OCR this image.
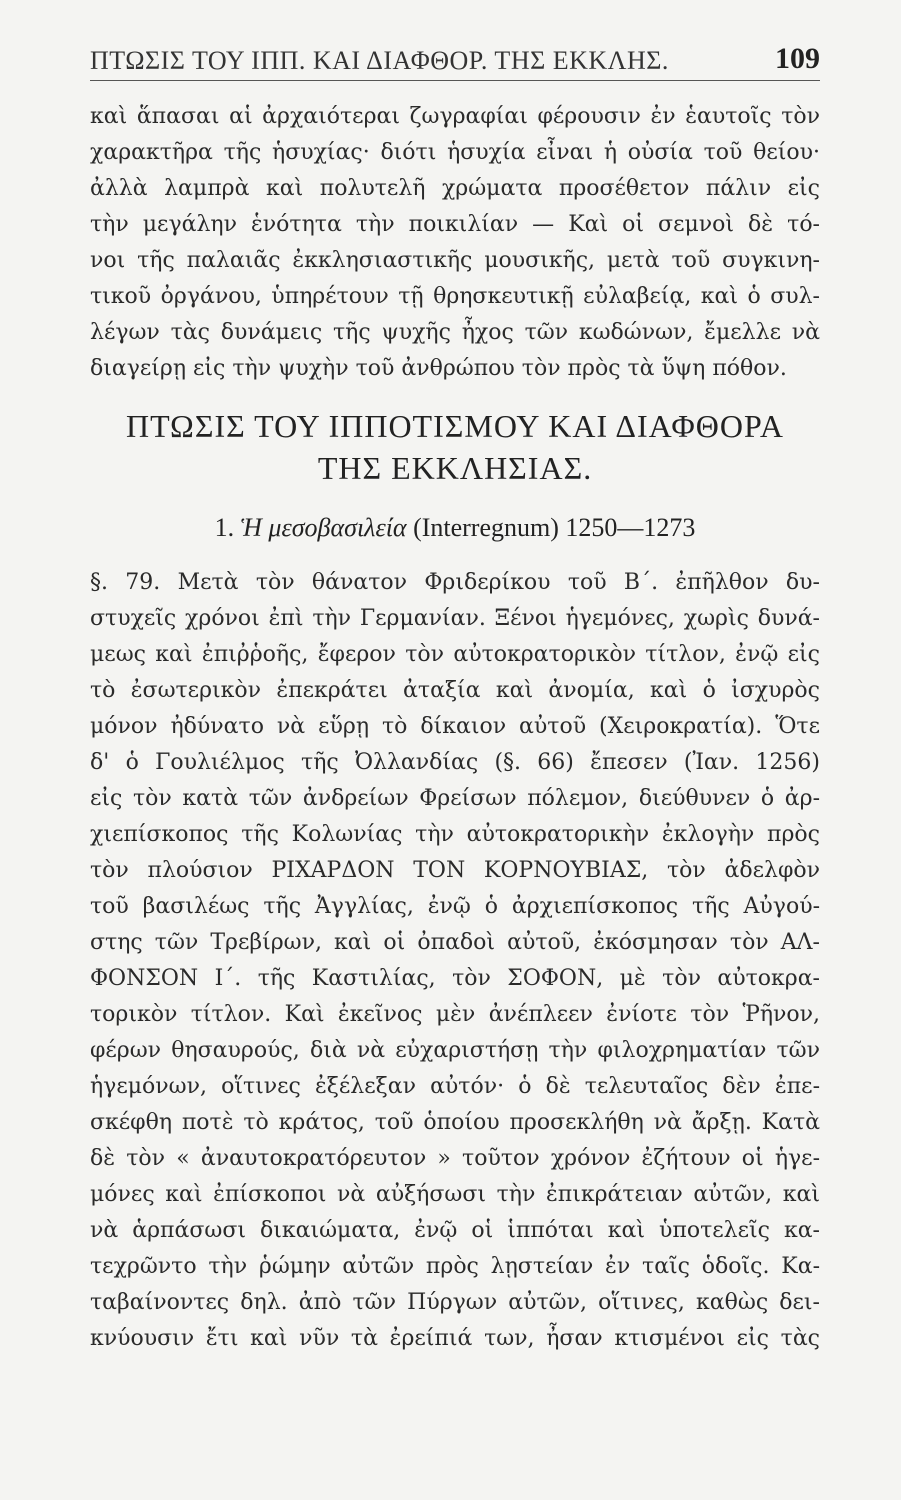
ΠΤΩΣΙΣ ΤΟΥ ΙΠΠ. ΚΑΙ ΔΙΑΦΘΟΡ. ΤΗΣ ΕΚΚΛΗΣ.	109
καὶ ἅπασαι αἱ ἀρχαιότεραι ζωγραφίαι φέρουσιν ἐν ἑαυτοῖς τὸν
χαρακτῆρα τῆς ἡσυχίας· διότι ἡσυχία εἶναι ἡ οὐσία τοῦ θείου·
ἀλλὰ λαμπρὰ καὶ πολυτελῆ χρώματα προσέθετον πάλιν εἰς
τὴν μεγάλην ἑνότητα τὴν ποικιλίαν — Καὶ οἱ σεμνοὶ δὲ τό-
νοι τῆς παλαιᾶς ἐκκλησιαστικῆς μουσικῆς, μετὰ τοῦ συγκινη-
τικοῦ ὀργάνου, ὑπηρέτουν τῇ θρησκευτικῇ εὐλαβείᾳ, καὶ ὁ συλ-
λέγων τὰς δυνάμεις τῆς ψυχῆς ἦχος τῶν κωδώνων, ἔμελλε νὰ
διαγείρῃ εἰς τὴν ψυχὴν τοῦ ἀνθρώπου τὸν πρὸς τὰ ὕψη πόθον.
ΠΤΩΣΙΣ ΤΟΥ ΙΠΠΟΤΙΣΜΟΥ ΚΑΙ ΔΙΑΦΘΟΡΑ
ΤΗΣ ΕΚΚΛΗΣΙΑΣ.
1. Ἡ μεσοβασιλεία (Interregnum) 1250—1273
§. 79. Μετὰ τὸν θάνατον Φριδερίκου τοῦ Β΄. ἐπῆλθον δυ-
στυχεῖς χρόνοι ἐπὶ τὴν Γερμανίαν. Ξένοι ἡγεμόνες, χωρὶς δυνά-
μεως καὶ ἐπιῤῥοῆς, ἔφερον τὸν αὐτοκρατορικὸν τίτλον, ἐνῷ εἰς
τὸ ἐσωτερικὸν ἐπεκράτει ἀταξία καὶ ἀνομία, καὶ ὁ ἰσχυρὸς
μόνον ἠδύνατο νὰ εὕρῃ τὸ δίκαιον αὐτοῦ (Χειροκρατία). Ὅτε
δ' ὁ Γουλιέλμος τῆς Ὀλλανδίας (§. 66) ἔπεσεν (Ἰαν. 1256)
εἰς τὸν κατὰ τῶν ἀνδρείων Φρείσων πόλεμον, διεύθυνεν ὁ ἀρ-
χιεπίσκοπος τῆς Κολωνίας τὴν αὐτοκρατορικὴν ἐκλογὴν πρὸς
τὸν πλούσιον ΡΙΧΑΡΔΟΝ ΤΟΝ ΚΟΡΝΟΥΒΙΑΣ, τὸν ἀδελφὸν
τοῦ βασιλέως τῆς Ἀγγλίας, ἐνῷ ὁ ἀρχιεπίσκοπος τῆς Αὐγού-
στης τῶν Τρεβίρων, καὶ οἱ ὀπαδοὶ αὐτοῦ, ἐκόσμησαν τὸν ΑΛ-
ΦΟΝΣΟΝ Ι΄. τῆς Καστιλίας, τὸν ΣΟΦΟΝ, μὲ τὸν αὐτοκρα-
τορικὸν τίτλον. Καὶ ἐκεῖνος μὲν ἀνέπλεεν ἐνίοτε τὸν Ῥῆνον,
φέρων θησαυρούς, διὰ νὰ εὐχαριστήσῃ τὴν φιλοχρηματίαν τῶν
ἡγεμόνων, οἵτινες ἐξέλεξαν αὐτόν· ὁ δὲ τελευταῖος δὲν ἐπε-
σκέφθη ποτὲ τὸ κράτος, τοῦ ὁποίου προσεκλήθη νὰ ἄρξῃ. Κατὰ
δὲ τὸν « ἀναυτοκρατόρευτον » τοῦτον χρόνον ἐζήτουν οἱ ἡγε-
μόνες καὶ ἐπίσκοποι νὰ αὐξήσωσι τὴν ἐπικράτειαν αὐτῶν, καὶ
νὰ ἁρπάσωσι δικαιώματα, ἐνῷ οἱ ἱππόται καὶ ὑποτελεῖς κα-
τεχρῶντο τὴν ῥώμην αὐτῶν πρὸς λῃστείαν ἐν ταῖς ὁδοῖς. Κα-
ταβαίνοντες δηλ. ἀπὸ τῶν Πύργων αὐτῶν, οἵτινες, καθὼς δει-
κνύουσιν ἔτι καὶ νῦν τὰ ἐρείπιά των, ἦσαν κτισμένοι εἰς τὰς
